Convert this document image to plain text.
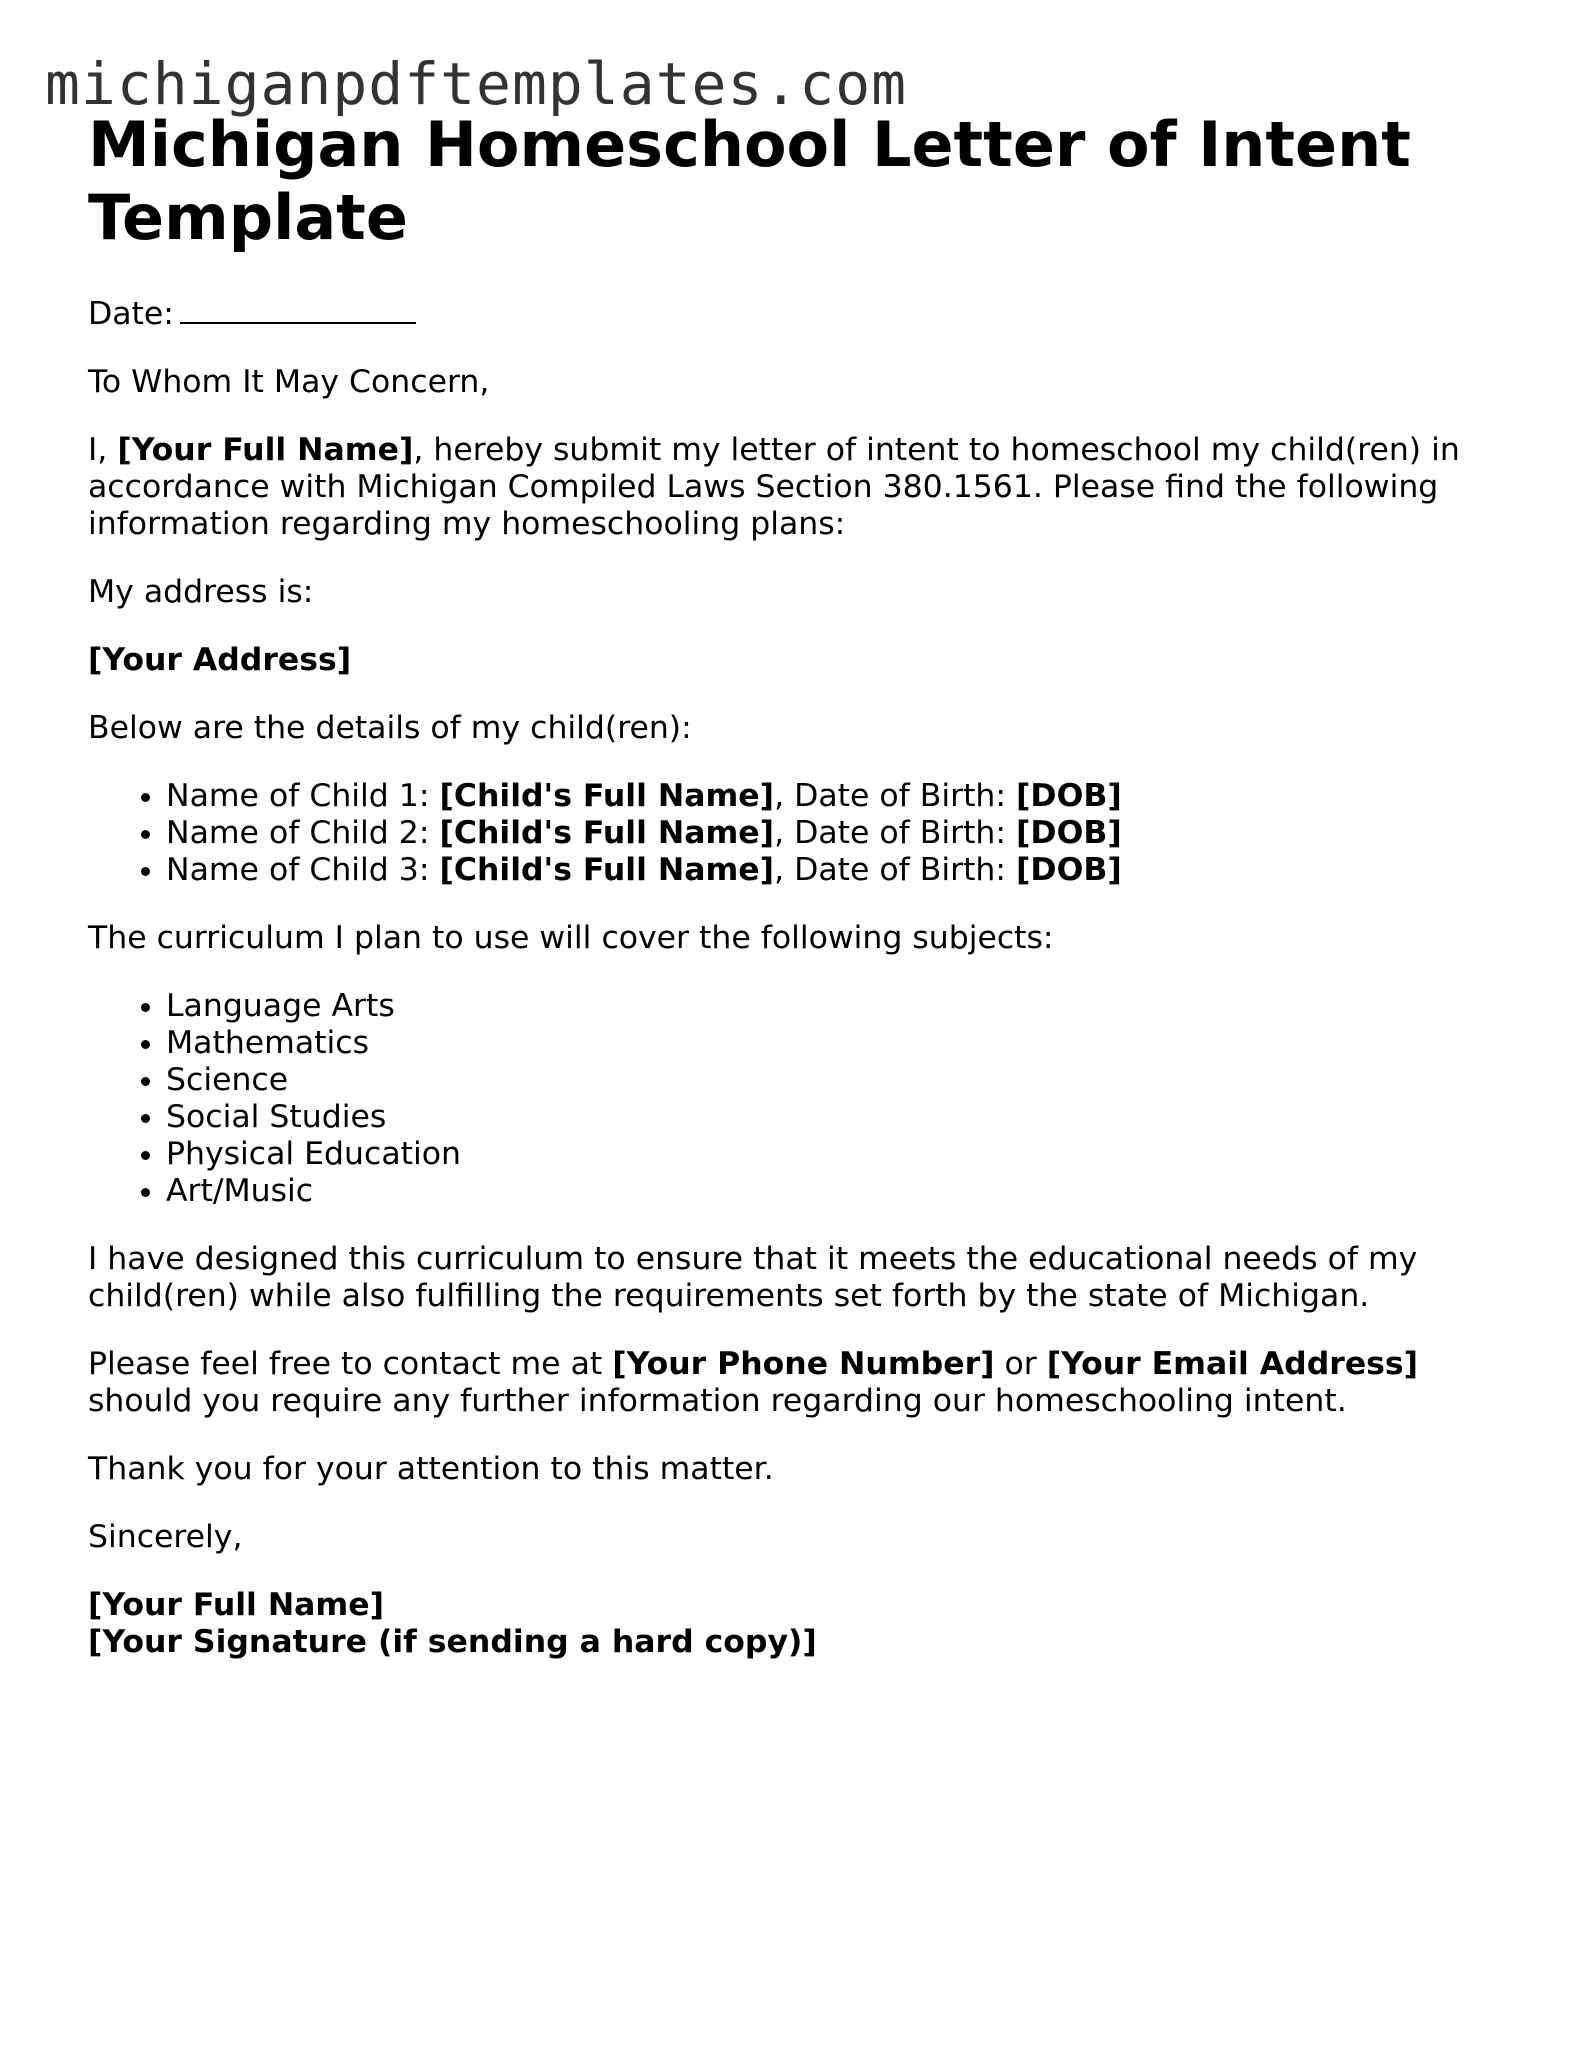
michiganpdftemplates.com
Michigan Homeschool Letter of Intent Template

Date:

To Whom It May Concern,

I, [Your Full Name], hereby submit my letter of intent to homeschool my child(ren) in accordance with Michigan Compiled Laws Section 380.1561. Please find the following information regarding my homeschooling plans:

My address is:

[Your Address]

Below are the details of my child(ren):

• Name of Child 1: [Child's Full Name], Date of Birth: [DOB]
• Name of Child 2: [Child's Full Name], Date of Birth: [DOB]
• Name of Child 3: [Child's Full Name], Date of Birth: [DOB]

The curriculum I plan to use will cover the following subjects:

• Language Arts
• Mathematics
• Science
• Social Studies
• Physical Education
• Art/Music

I have designed this curriculum to ensure that it meets the educational needs of my child(ren) while also fulfilling the requirements set forth by the state of Michigan.

Please feel free to contact me at [Your Phone Number] or [Your Email Address] should you require any further information regarding our homeschooling intent.

Thank you for your attention to this matter.

Sincerely,

[Your Full Name]
[Your Signature (if sending a hard copy)]
